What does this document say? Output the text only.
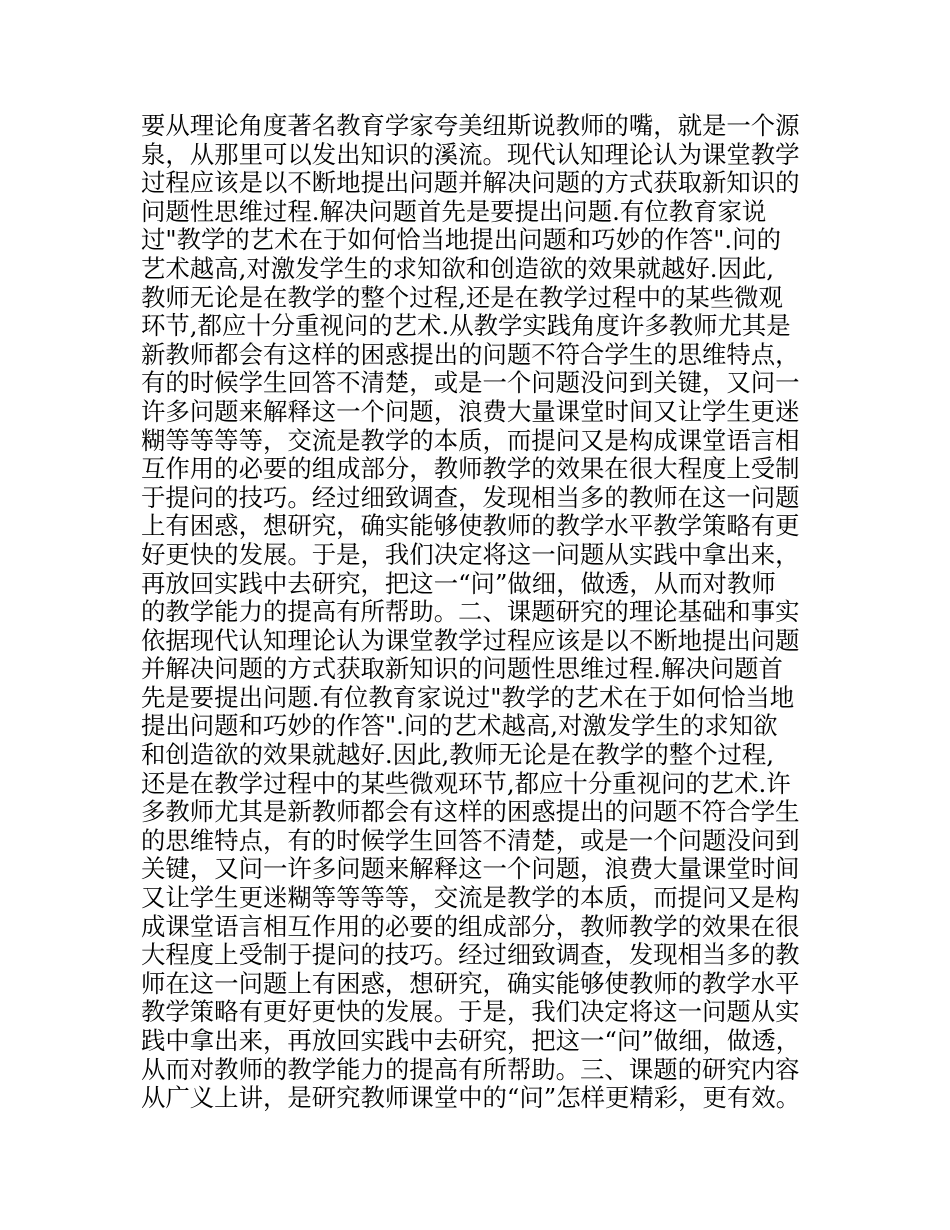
要从理论角度著名教育学家夸美纽斯说教师的嘴，就是一个源
泉，从那里可以发出知识的溪流。现代认知理论认为课堂教学
过程应该是以不断地提出问题并解决问题的方式获取新知识的
问题性思维过程.解决问题首先是要提出问题.有位教育家说
过"教学的艺术在于如何恰当地提出问题和巧妙的作答".问的
艺术越高,对激发学生的求知欲和创造欲的效果就越好.因此,
教师无论是在教学的整个过程,还是在教学过程中的某些微观
环节,都应十分重视问的艺术.从教学实践角度许多教师尤其是
新教师都会有这样的困惑提出的问题不符合学生的思维特点，
有的时候学生回答不清楚，或是一个问题没问到关键，又问一
许多问题来解释这一个问题，浪费大量课堂时间又让学生更迷
糊等等等等，交流是教学的本质，而提问又是构成课堂语言相
互作用的必要的组成部分，教师教学的效果在很大程度上受制
于提问的技巧。经过细致调查，发现相当多的教师在这一问题
上有困惑，想研究，确实能够使教师的教学水平教学策略有更
好更快的发展。于是，我们决定将这一问题从实践中拿出来，
再放回实践中去研究，把这一“问”做细，做透，从而对教师
的教学能力的提高有所帮助。二、课题研究的理论基础和事实
依据现代认知理论认为课堂教学过程应该是以不断地提出问题
并解决问题的方式获取新知识的问题性思维过程.解决问题首
先是要提出问题.有位教育家说过"教学的艺术在于如何恰当地
提出问题和巧妙的作答".问的艺术越高,对激发学生的求知欲
和创造欲的效果就越好.因此,教师无论是在教学的整个过程,
还是在教学过程中的某些微观环节,都应十分重视问的艺术.许
多教师尤其是新教师都会有这样的困惑提出的问题不符合学生
的思维特点，有的时候学生回答不清楚，或是一个问题没问到
关键，又问一许多问题来解释这一个问题，浪费大量课堂时间
又让学生更迷糊等等等等，交流是教学的本质，而提问又是构
成课堂语言相互作用的必要的组成部分，教师教学的效果在很
大程度上受制于提问的技巧。经过细致调查，发现相当多的教
师在这一问题上有困惑，想研究，确实能够使教师的教学水平
教学策略有更好更快的发展。于是，我们决定将这一问题从实
践中拿出来，再放回实践中去研究，把这一“问”做细，做透，
从而对教师的教学能力的提高有所帮助。三、课题的研究内容
从广义上讲，是研究教师课堂中的“问”怎样更精彩，更有效。
